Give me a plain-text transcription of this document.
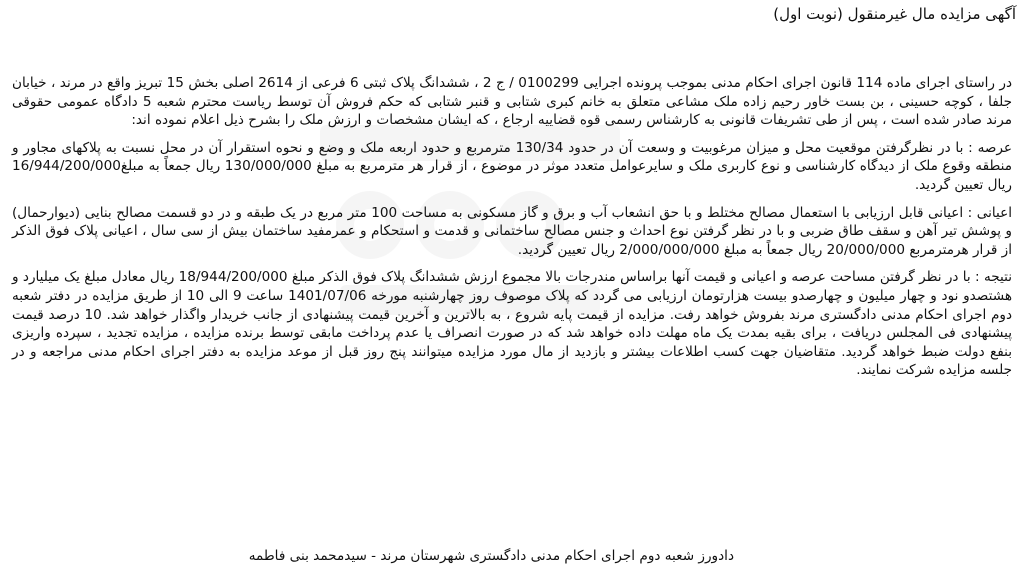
آگهی مزایده مال غیرمنقول (نوبت اول)

در راستای اجرای ماده 114 قانون اجرای احکام مدنی بموجب پرونده اجرایی 0100299 / ج 2 ، ششدانگ پلاک ثبتی 6 فرعی از 2614 اصلی بخش 15 تبریز واقع در مرند ، خیابان جلفا ، کوچه حسینی ، بن بست خاور رحیم زاده ملک مشاعی متعلق به خانم کبری شتابی و قنبر شتابی که حکم فروش آن توسط ریاست محترم شعبه 5 دادگاه عمومی حقوقی مرند صادر شده است ، پس از طی تشریفات قانونی به کارشناس رسمی قوه قضاییه ارجاع ، که ایشان مشخصات و ارزش ملک را بشرح ذیل اعلام نموده اند:

عرصه : با در نظرگرفتن موقعیت محل و میزان مرغوبیت و وسعت آن در حدود 130/34 مترمربع و حدود اربعه ملک و وضع و نحوه استقرار آن در محل نسبت به پلاکهای مجاور و منطقه وقوع ملک از دیدگاه کارشناسی و نوع کاربری ملک و سایرعوامل متعدد موثر در موضوع ، از قرار هر مترمربع به مبلغ 130/000/000 ریال جمعاً به مبلغ16/944/200/000 ریال تعیین گردید.

اعیانی : اعیانی قابل ارزیابی با استعمال مصالح مختلط و با حق انشعاب آب و برق و گاز مسکونی به مساحت 100 متر مربع در یک طبقه و در دو قسمت مصالح بنایی (دیوارحمال) و پوشش تیر آهن و سقف طاق ضربی و با در نظر گرفتن نوع احداث و جنس مصالح ساختمانی و قدمت و استحکام و عمرمفید ساختمان بیش از سی سال ، اعیانی پلاک فوق الذکر از قرار هرمترمربع 20/000/000 ریال جمعاً به مبلغ 2/000/000/000 ریال تعیین گردید.

نتیجه : با در نظر گرفتن مساحت عرصه و اعیانی و قیمت آنها براساس مندرجات بالا مجموع ارزش ششدانگ پلاک فوق الذکر مبلغ 18/944/200/000 ریال معادل مبلغ یک میلیارد و هشتصدو نود و چهار میلیون و چهارصدو بیست هزارتومان ارزیابی می گردد که پلاک موصوف روز چهارشنبه مورخه 1401/07/06 ساعت 9 الی 10 از طریق مزایده در دفتر شعبه دوم اجرای احکام مدنی دادگستری مرند بفروش خواهد رفت. مزایده از قیمت پایه شروع ، به بالاترین و آخرین قیمت پیشنهادی از جانب خریدار واگذار خواهد شد. 10 درصد قیمت پیشنهادی فی المجلس دریافت ، برای بقیه بمدت یک ماه مهلت داده خواهد شد که در صورت انصراف یا عدم پرداخت مابقی توسط برنده مزایده ، مزایده تجدید ، سپرده واریزی بنفع دولت ضبط خواهد گردید. متقاضیان جهت کسب اطلاعات بیشتر و بازدید از مال مورد مزایده میتوانند پنج روز قبل از موعد مزایده به دفتر اجرای احکام مدنی مراجعه و در جلسه مزایده شرکت نمایند.

دادورز شعبه دوم اجرای احکام مدنی دادگستری شهرستان مرند - سیدمحمد بنی فاطمه
